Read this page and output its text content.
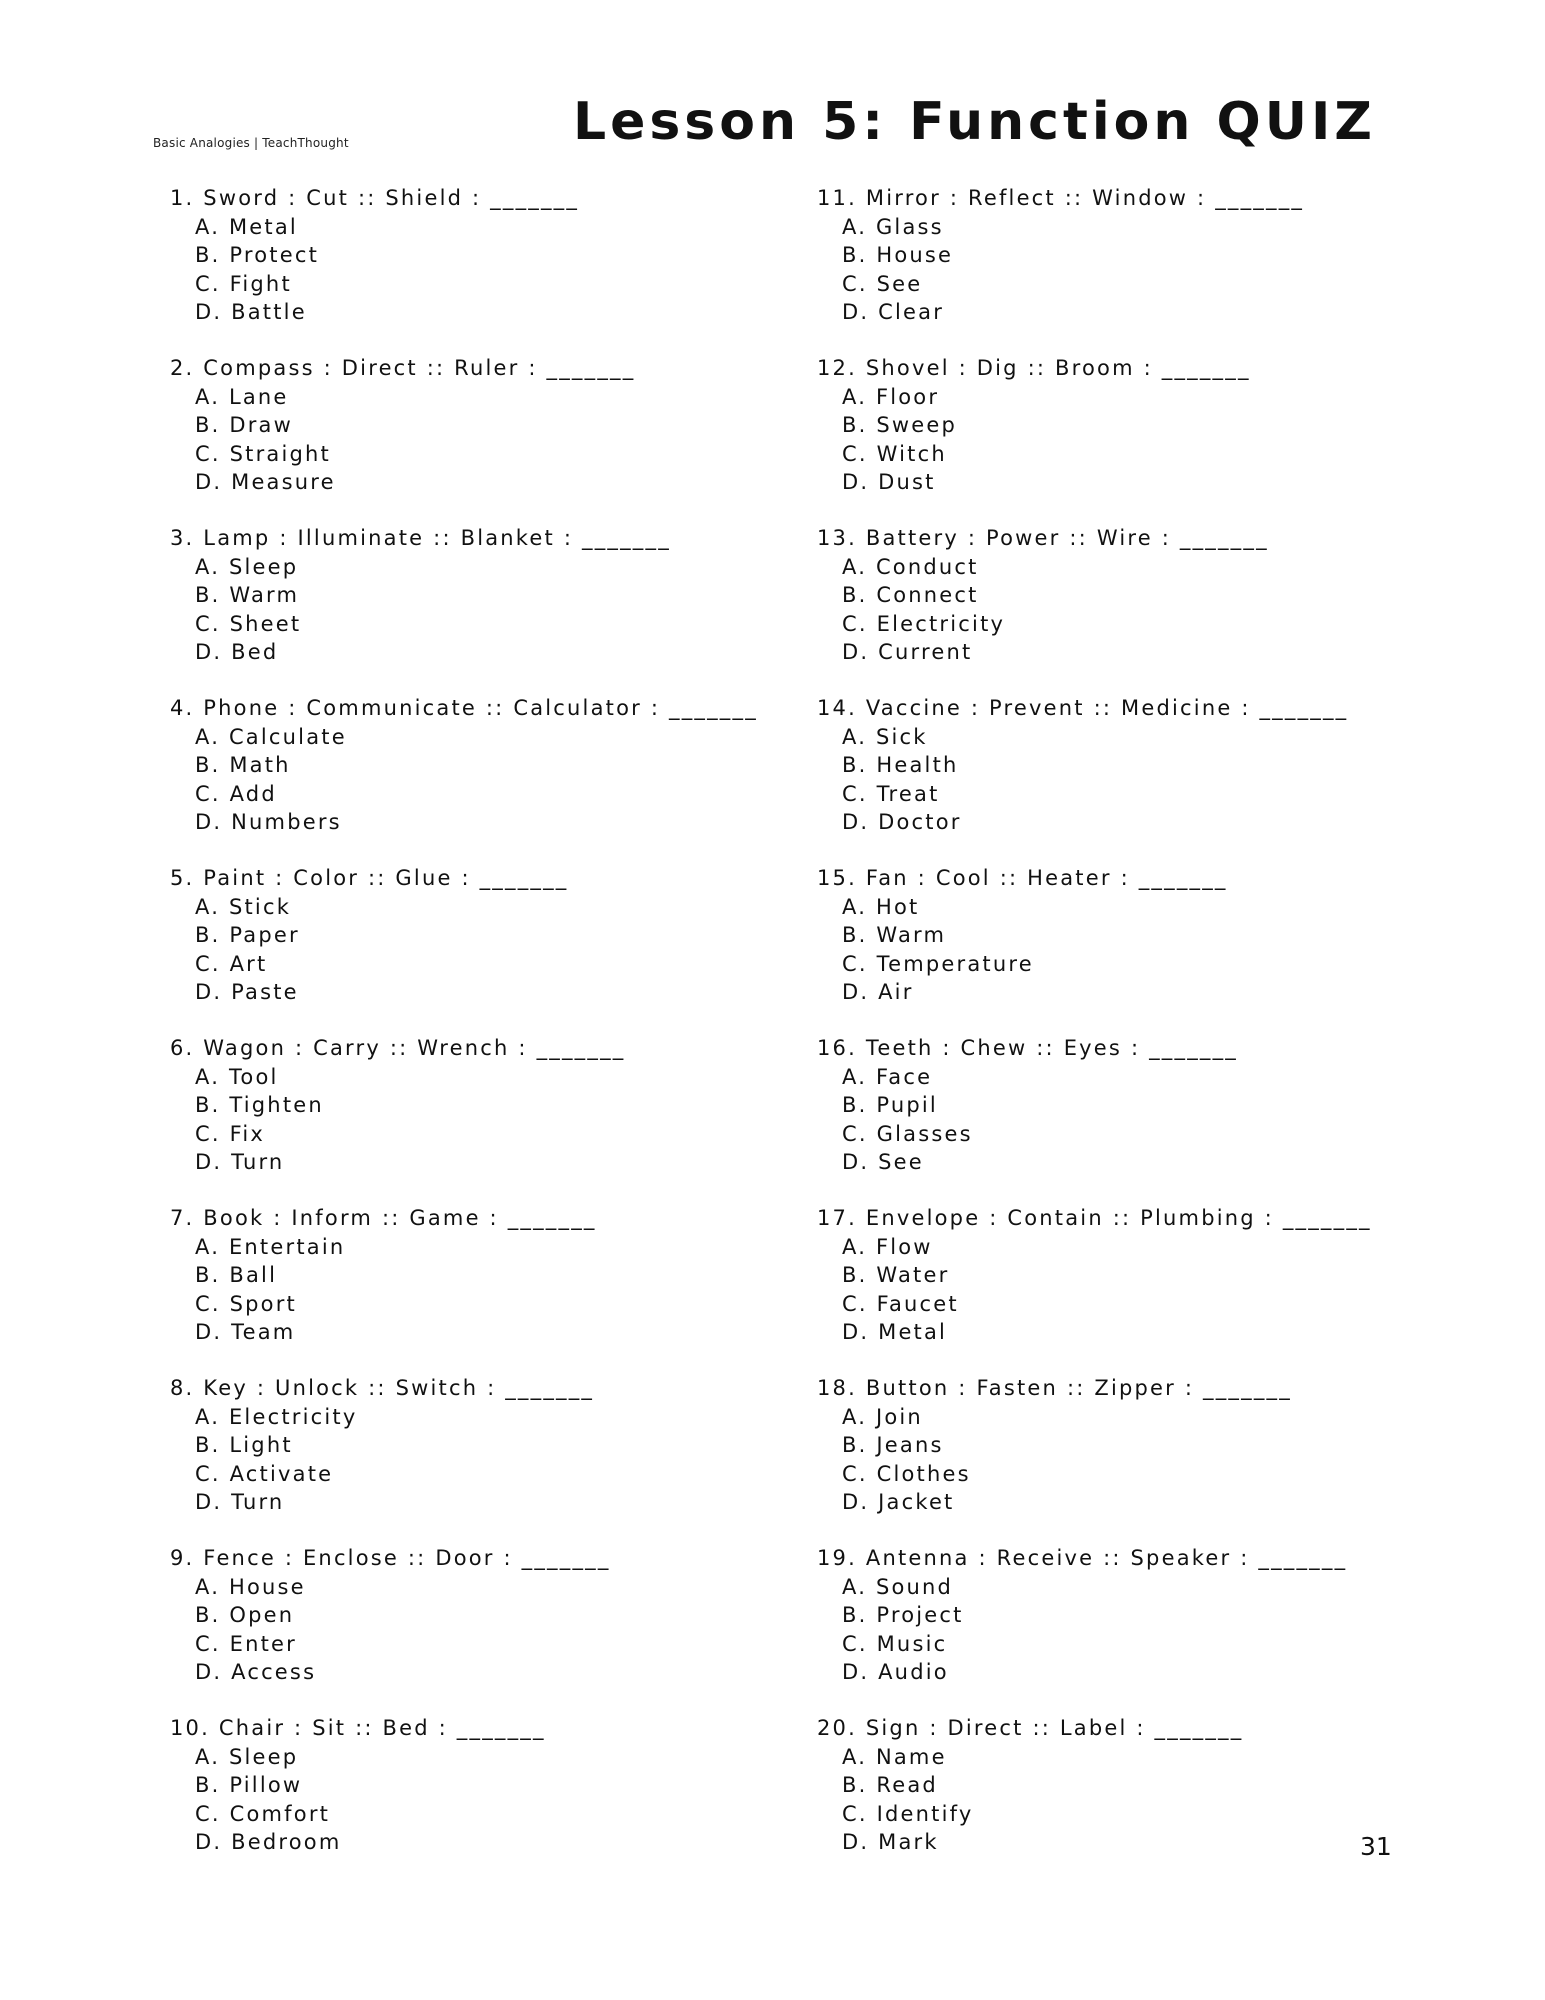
Basic Analogies | TeachThought	Lesson 5: Function QUIZ
1. Sword : Cut :: Shield : _______
A. Metal
B. Protect
C. Fight
D. Battle
2. Compass : Direct :: Ruler : _______
A. Lane
B. Draw
C. Straight
D. Measure
3. Lamp : Illuminate :: Blanket : _______
A. Sleep
B. Warm
C. Sheet
D. Bed
4. Phone : Communicate :: Calculator : _______
A. Calculate
B. Math
C. Add
D. Numbers
5. Paint : Color :: Glue : _______
A. Stick
B. Paper
C. Art
D. Paste
6. Wagon : Carry :: Wrench : _______
A. Tool
B. Tighten
C. Fix
D. Turn
7. Book : Inform :: Game : _______
A. Entertain
B. Ball
C. Sport
D. Team
8. Key : Unlock :: Switch : _______
A. Electricity
B. Light
C. Activate
D. Turn
9. Fence : Enclose :: Door : _______
A. House
B. Open
C. Enter
D. Access
10. Chair : Sit :: Bed : _______
A. Sleep
B. Pillow
C. Comfort
D. Bedroom
11. Mirror : Reflect :: Window : _______
A. Glass
B. House
C. See
D. Clear
12. Shovel : Dig :: Broom : _______
A. Floor
B. Sweep
C. Witch
D. Dust
13. Battery : Power :: Wire : _______
A. Conduct
B. Connect
C. Electricity
D. Current
14. Vaccine : Prevent :: Medicine : _______
A. Sick
B. Health
C. Treat
D. Doctor
15. Fan : Cool :: Heater : _______
A. Hot
B. Warm
C. Temperature
D. Air
16. Teeth : Chew :: Eyes : _______
A. Face
B. Pupil
C. Glasses
D. See
17. Envelope : Contain :: Plumbing : _______
A. Flow
B. Water
C. Faucet
D. Metal
18. Button : Fasten :: Zipper : _______
A. Join
B. Jeans
C. Clothes
D. Jacket
19. Antenna : Receive :: Speaker : _______
A. Sound
B. Project
C. Music
D. Audio
20. Sign : Direct :: Label : _______
A. Name
B. Read
C. Identify
D. Mark	31
